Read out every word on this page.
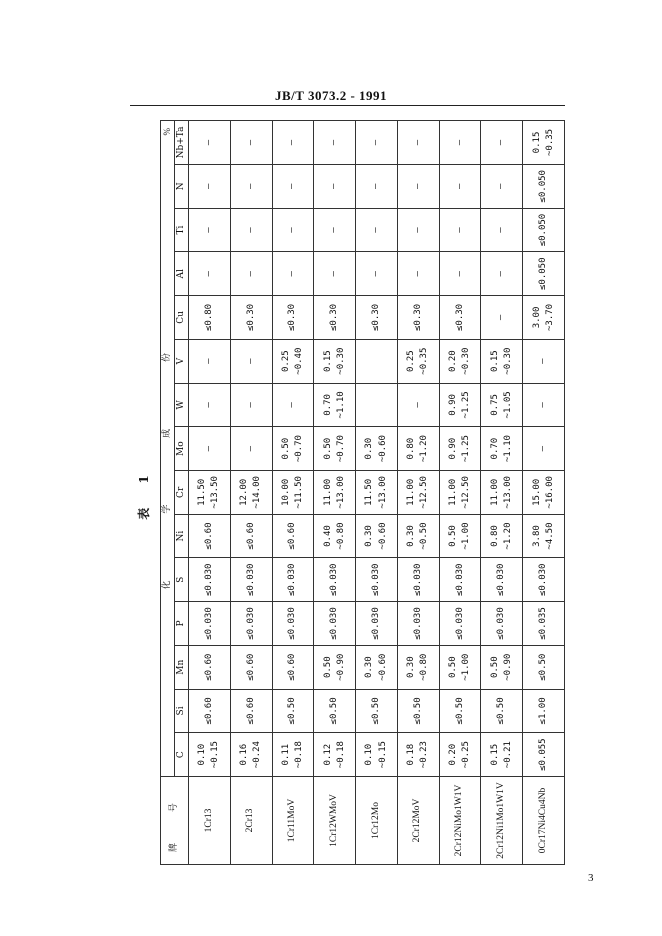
JB/T 3073.2 - 1991
表 1															
牌 号	化 学 成 份
%														

	C	Si	Mn	P	S	Ni	Cr	Mo	W	V	Cu	Al	Ti	N	Nb+Ta
1Cr13	0.10 ~0.15	≤0.60	≤0.60	≤0.030	≤0.030	≤0.60	11.50 ~13.50	—	—	—	≤0.80	—	—	—	—

2Cr13	0.16 ~0.24	≤0.60	≤0.60	≤0.030	≤0.030	≤0.60	12.00 ~14.00	—	—	—	≤0.30	—	—	—	—

1Cr11MoV	0.11 ~0.18	≤0.50	≤0.60	≤0.030	≤0.030	≤0.60	10.00 ~11.50	0.50 ~0.70	—	0.25 ~0.40	≤0.30	—	—	—	—

1Cr12WMoV	0.12 ~0.18	≤0.50	0.50 ~0.90	≤0.030	≤0.030	0.40 ~0.80	11.00 ~13.00	0.50 ~0.70	0.70 ~1.10	0.15 ~0.30	≤0.30	—	—	—	—

1Cr12Mo	0.10 ~0.15	≤0.50	0.30 ~0.60	≤0.030	≤0.030	0.30 ~0.60	11.50 ~13.00	0.30 ~0.60			≤0.30	—	—	—	—

2Cr12MoV	0.18 ~0.23	≤0.50	0.30 ~0.80	≤0.030	≤0.030	0.30 ~0.50	11.00 ~12.50	0.80 ~1.20	—	0.25 ~0.35	≤0.30	—	—	—	—

2Cr12NiMo1W1V	0.20 ~0.25	≤0.50	0.50 ~1.00	≤0.030	≤0.030	0.50 ~1.00	11.00 ~12.50	0.90 ~1.25	0.90 ~1.25	0.20 ~0.30	≤0.30	—	—	—	—

2Cr12Ni1Mo1W1V	0.15 ~0.21	≤0.50	0.50 ~0.90	≤0.030	≤0.030	0.80 ~1.20	11.00 ~13.00	0.70 ~1.10	0.75 ~1.05	0.15 ~0.30	—	—	—	—	—

0Cr17Ni4Cu4Nb	≤0.055	≤1.00	≤0.50	≤0.035	≤0.030	3.80 ~4.50	15.00 ~16.00	—	—	—	3.00 ~3.70	≤0.050	≤0.050	≤0.050	0.15 ~0.35
3
